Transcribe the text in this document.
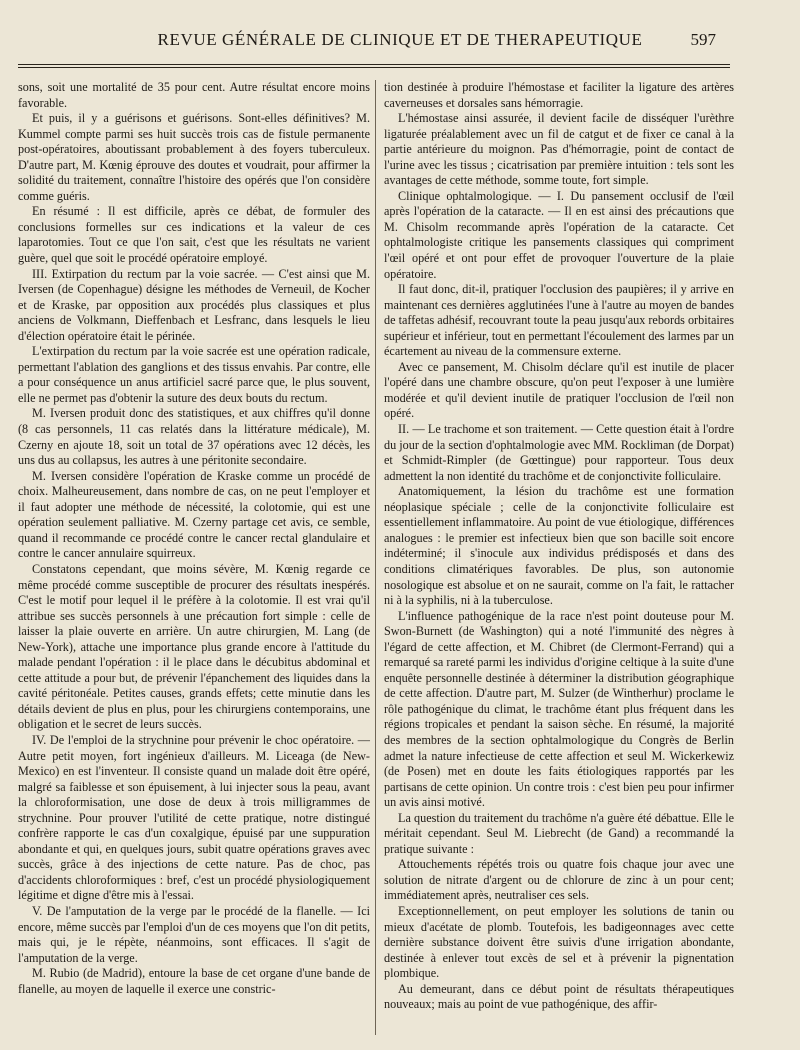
REVUE GÉNÉRALE DE CLINIQUE ET DE THERAPEUTIQUE	597

sons, soit une mortalité de 35 pour cent. Autre résultat encore moins favorable.

Et puis, il y a guérisons et guérisons. Sont-elles définitives? M. Kummel compte parmi ses huit succès trois cas de fistule permanente post-opératoires, aboutissant probablement à des foyers tuberculeux. D'autre part, M. Kœnig éprouve des doutes et voudrait, pour affirmer la solidité du traitement, connaître l'histoire des opérés que l'on considère comme guéris.

En résumé : Il est difficile, après ce débat, de formuler des conclusions formelles sur ces indications et la valeur de ces laparotomies. Tout ce que l'on sait, c'est que les résultats ne varient guère, quel que soit le procédé opératoire employé.

III. Extirpation du rectum par la voie sacrée. — C'est ainsi que M. Iversen (de Copenhague) désigne les méthodes de Verneuil, de Kocher et de Kraske, par opposition aux procédés plus classiques et plus anciens de Volkmann, Dieffenbach et Lesfranc, dans lesquels le lieu d'élection opératoire était le périnée.

L'extirpation du rectum par la voie sacrée est une opération radicale, permettant l'ablation des ganglions et des tissus envahis. Par contre, elle a pour conséquence un anus artificiel sacré parce que, le plus souvent, elle ne permet pas d'obtenir la suture des deux bouts du rectum.

M. Iversen produit donc des statistiques, et aux chiffres qu'il donne (8 cas personnels, 11 cas relatés dans la littérature médicale), M. Czerny en ajoute 18, soit un total de 37 opérations avec 12 décès, les uns dus au collapsus, les autres à une péritonite secondaire.

M. Iversen considère l'opération de Kraske comme un procédé de choix. Malheureusement, dans nombre de cas, on ne peut l'employer et il faut adopter une méthode de nécessité, la colotomie, qui est une opération seulement palliative. M. Czerny partage cet avis, ce semble, quand il recommande ce procédé contre le cancer rectal glandulaire et contre le cancer annulaire squirreux.

Constatons cependant, que moins sévère, M. Kœnig regarde ce même procédé comme susceptible de procurer des résultats inespérés. C'est le motif pour lequel il le préfère à la colotomie. Il est vrai qu'il attribue ses succès personnels à une précaution fort simple : celle de laisser la plaie ouverte en arrière. Un autre chirurgien, M. Lang (de New-York), attache une importance plus grande encore à l'attitude du malade pendant l'opération : il le place dans le décubitus abdominal et cette attitude a pour but, de prévenir l'épanchement des liquides dans la cavité péritonéale. Petites causes, grands effets; cette minutie dans les détails devient de plus en plus, pour les chirurgiens contemporains, une obligation et le secret de leurs succès.

IV. De l'emploi de la strychnine pour prévenir le choc opératoire. — Autre petit moyen, fort ingénieux d'ailleurs. M. Liceaga (de New-Mexico) en est l'inventeur. Il consiste quand un malade doit être opéré, malgré sa faiblesse et son épuisement, à lui injecter sous la peau, avant la chloroformisation, une dose de deux à trois milligrammes de strychnine. Pour prouver l'utilité de cette pratique, notre distingué confrère rapporte le cas d'un coxalgique, épuisé par une suppuration abondante et qui, en quelques jours, subit quatre opérations graves avec succès, grâce à des injections de cette nature. Pas de choc, pas d'accidents chloroformiques : bref, c'est un procédé physiologiquement légitime et digne d'être mis à l'essai.

V. De l'amputation de la verge par le procédé de la flanelle. — Ici encore, même succès par l'emploi d'un de ces moyens que l'on dit petits, mais qui, je le répète, néanmoins, sont efficaces. Il s'agit de l'amputation de la verge.

M. Rubio (de Madrid), entoure la base de cet organe d'une bande de flanelle, au moyen de laquelle il exerce une constric-

tion destinée à produire l'hémostase et faciliter la ligature des artères caverneuses et dorsales sans hémorragie.

L'hémostase ainsi assurée, il devient facile de disséquer l'urèthre ligaturée préalablement avec un fil de catgut et de fixer ce canal à la partie antérieure du moignon. Pas d'hémorragie, point de contact de l'urine avec les tissus ; cicatrisation par première intuition : tels sont les avantages de cette méthode, somme toute, fort simple.

Clinique ophtalmologique. — I. Du pansement occlusif de l'œil après l'opération de la cataracte. — Il en est ainsi des précautions que M. Chisolm recommande après l'opération de la cataracte. Cet ophtalmologiste critique les pansements classiques qui compriment l'œil opéré et ont pour effet de provoquer l'ouverture de la plaie opératoire.

Il faut donc, dit-il, pratiquer l'occlusion des paupières; il y arrive en maintenant ces dernières agglutinées l'une à l'autre au moyen de bandes de taffetas adhésif, recouvrant toute la peau jusqu'aux rebords orbitaires supérieur et inférieur, tout en permettant l'écoulement des larmes par un écartement au niveau de la commensure externe.

Avec ce pansement, M. Chisolm déclare qu'il est inutile de placer l'opéré dans une chambre obscure, qu'on peut l'exposer à une lumière modérée et qu'il devient inutile de pratiquer l'occlusion de l'œil non opéré.

II. — Le trachome et son traitement. — Cette question était à l'ordre du jour de la section d'ophtalmologie avec MM. Rockliman (de Dorpat) et Schmidt-Rimpler (de Gœttingue) pour rapporteur. Tous deux admettent la non identité du trachôme et de conjonctivite folliculaire.

Anatomiquement, la lésion du trachôme est une formation néoplasique spéciale ; celle de la conjonctivite folliculaire est essentiellement inflammatoire. Au point de vue étiologique, différences analogues : le premier est infectieux bien que son bacille soit encore indéterminé; il s'inocule aux individus prédisposés et dans des conditions climatériques favorables. De plus, son autonomie nosologique est absolue et on ne saurait, comme on l'a fait, le rattacher ni à la syphilis, ni à la tuberculose.

L'influence pathogénique de la race n'est point douteuse pour M. Swon-Burnett (de Washington) qui a noté l'immunité des nègres à l'égard de cette affection, et M. Chibret (de Clermont-Ferrand) qui a remarqué sa rareté parmi les individus d'origine celtique à la suite d'une enquête personnelle destinée à déterminer la distribution géographique de cette affection. D'autre part, M. Sulzer (de Wintherhur) proclame le rôle pathogénique du climat, le trachôme étant plus fréquent dans les régions tropicales et pendant la saison sèche. En résumé, la majorité des membres de la section ophtalmologique du Congrès de Berlin admet la nature infectieuse de cette affection et seul M. Wickerkewiz (de Posen) met en doute les faits étiologiques rapportés par les partisans de cette opinion. Un contre trois : c'est bien peu pour infirmer un avis ainsi motivé.

La question du traitement du trachôme n'a guère été débattue. Elle le méritait cependant. Seul M. Liebrecht (de Gand) a recommandé la pratique suivante :

Attouchements répétés trois ou quatre fois chaque jour avec une solution de nitrate d'argent ou de chlorure de zinc à un pour cent; immédiatement après, neutraliser ces sels.

Exceptionnellement, on peut employer les solutions de tanin ou mieux d'acétate de plomb. Toutefois, les badigeonnages avec cette dernière substance doivent être suivis d'une irrigation abondante, destinée à enlever tout excès de sel et à prévenir la pignentation plombique.

Au demeurant, dans ce début point de résultats thérapeutiques nouveaux; mais au point de vue pathogénique, des affir-
